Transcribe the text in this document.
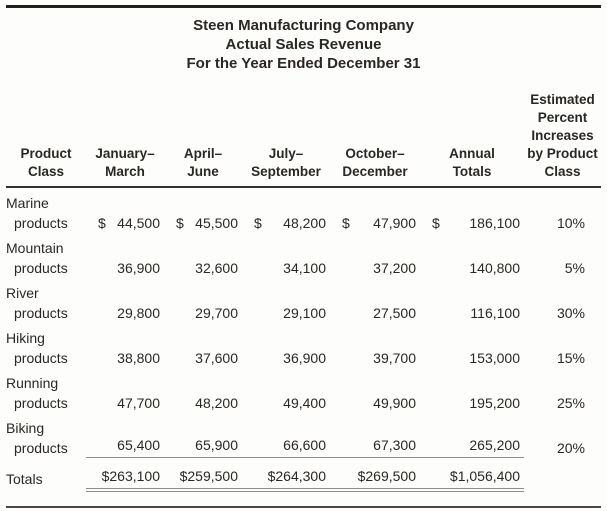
Steen Manufacturing Company
Actual Sales Revenue
For the Year Ended December 31
Product
Class

January–
March

April–
June

July–
September

October–
December

Annual
Totals

Estimated
Percent
Increases
by Product
Class

Marine
products	$ 44,500	$ 45,500	$ 48,200	$ 47,900	$ 186,100	10%

Mountain
products	36,900	32,600	34,100	37,200	140,800	5%

River
products	29,800	29,700	29,100	27,500	116,100	30%

Hiking
products	38,800	37,600	36,900	39,700	153,000	15%

Running
products	47,700	48,200	49,400	49,900	195,200	25%

Biking
products	65,400	65,900	66,600	67,300	265,200	20%

Totals	$263,100	$259,500	$264,300	$269,500	$1,056,400	
